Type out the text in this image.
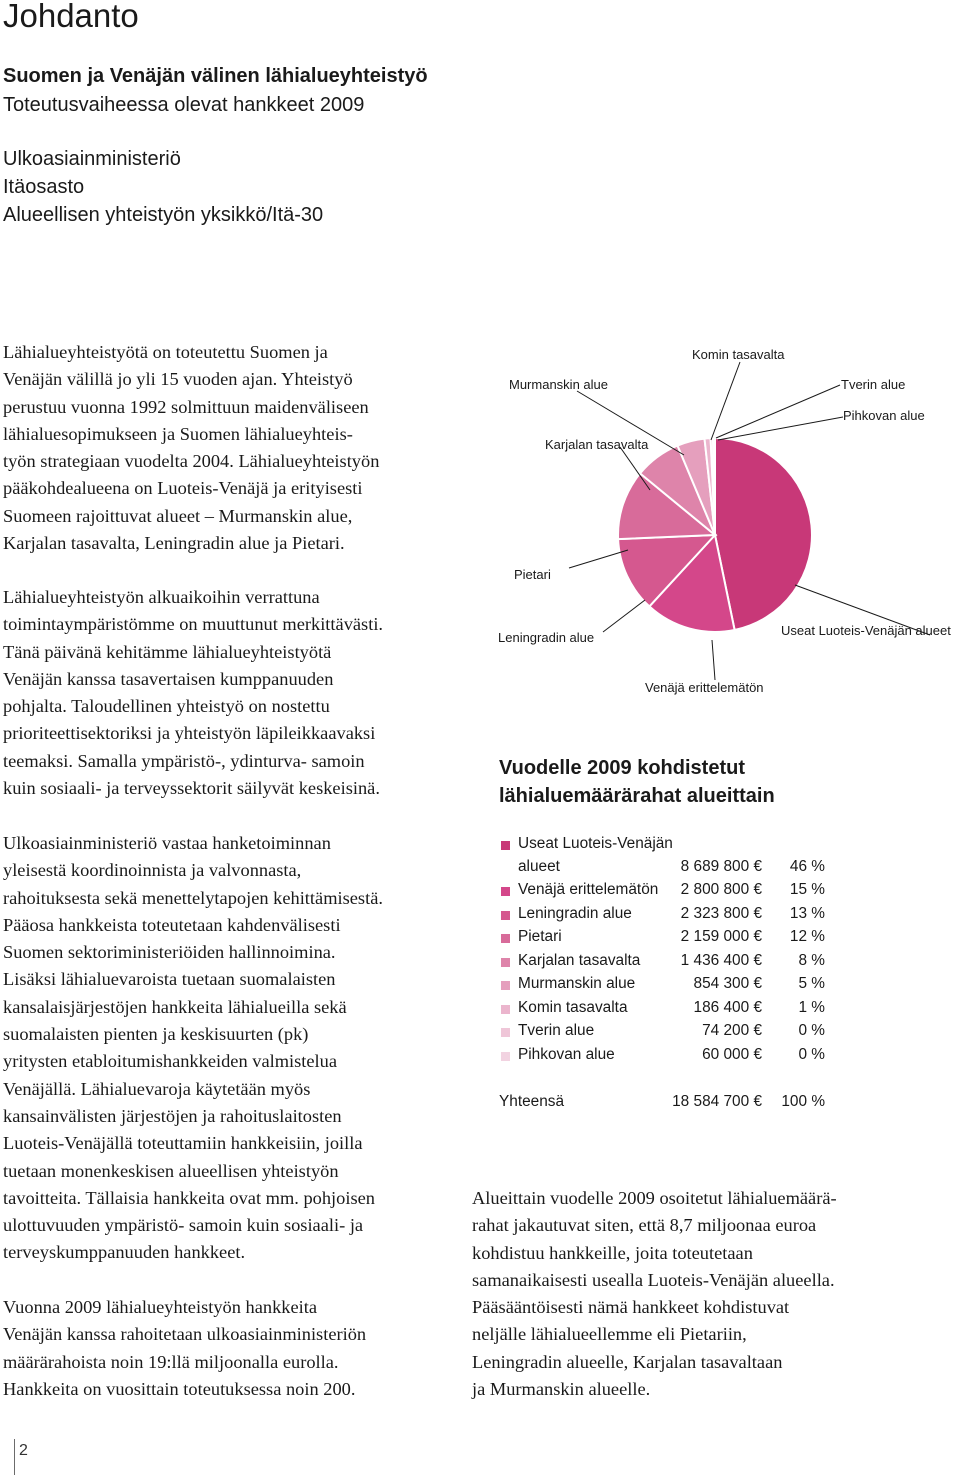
Johdanto
Suomen ja Venäjän välinen lähialueyhteistyö
Toteutusvaiheessa olevat hankkeet 2009
Ulkoasiainministeriö
Itäosasto
Alueellisen yhteistyön yksikkö/Itä-30
Lähialueyhteistyötä on toteutettu Suomen ja
Venäjän välillä jo yli 15 vuoden ajan. Yhteistyö
perustuu vuonna 1992 solmittuun maidenväliseen
lähialuesopimukseen ja Suomen lähialueyhteis-
työn strategiaan vuodelta 2004. Lähialueyhteistyön
pääkohdealueena on Luoteis-Venäjä ja erityisesti
Suomeen rajoittuvat alueet – Murmanskin alue,
Karjalan tasavalta, Leningradin alue ja Pietari.
Lähialueyhteistyön alkuaikoihin verrattuna
toimintaympäristömme on muuttunut merkittävästi.
Tänä päivänä kehitämme lähialueyhteistyötä
Venäjän kanssa tasavertaisen kumppanuuden
pohjalta. Taloudellinen yhteistyö on nostettu
prioriteettisektoriksi ja yhteistyön läpileikkaavaksi
teemaksi. Samalla ympäristö-, ydinturva- samoin
kuin sosiaali- ja terveyssektorit säilyvät keskeisinä.
Ulkoasiainministeriö vastaa hanketoiminnan
yleisestä koordinoinnista ja valvonnasta,
rahoituksesta sekä menettelytapojen kehittämisestä.
Pääosa hankkeista toteutetaan kahdenvälisesti
Suomen sektoriministeriöiden hallinnoimina.
Lisäksi lähialuevaroista tuetaan suomalaisten
kansalaisjärjestöjen hankkeita lähialueilla sekä
suomalaisten pienten ja keskisuurten (pk)
yritysten etabloitumishankkeiden valmistelua
Venäjällä. Lähialuevaroja käytetään myös
kansainvälisten järjestöjen ja rahoituslaitosten
Luoteis-Venäjällä toteuttamiin hankkeisiin, joilla
tuetaan monenkeskisen alueellisen yhteistyön
tavoitteita. Tällaisia hankkeita ovat mm. pohjoisen
ulottuvuuden ympäristö- samoin kuin sosiaali- ja
terveyskumppanuuden hankkeet.
Vuonna 2009 lähialueyhteistyön hankkeita
Venäjän kanssa rahoitetaan ulkoasiainministeriön
määrärahoista noin 19:llä miljoonalla eurolla.
Hankkeita on vuosittain toteutuksessa noin 200.
Useat Luoteis-Venäjän alueet
Venäjä erittelemätön
Leningradin alue
Pietari
Karjalan tasavalta
Murmanskin alue
Komin tasavalta
Tverin alue
Pihkovan alue
Vuodelle 2009 kohdistetut
lähialuemäärärahat alueittain
Useat Luoteis-Venäjän
alueet	8 689 800 € 46 %
Venäjä erittelemätön 2 800 800 € 15 %
Leningradin alue	2 323 800 € 13 %
Pietari	2 159 000 € 12 %
Karjalan tasavalta	1 436 400 € 8 %
Murmanskin alue	854 300 € 5 %
Komin tasavalta	186 400 € 1 %
Tverin alue	74 200 € 0 %
Pihkovan alue	60 000 € 0 %
Yhteensä	18 584 700 € 100 %
Alueittain vuodelle 2009 osoitetut lähialuemäärä-
rahat jakautuvat siten, että 8,7 miljoonaa euroa
kohdistuu hankkeille, joita toteutetaan
samanaikaisesti usealla Luoteis-Venäjän alueella.
Pääsääntöisesti nämä hankkeet kohdistuvat
neljälle lähialueellemme eli Pietariin,
Leningradin alueelle, Karjalan tasavaltaan
ja Murmanskin alueelle.
2
